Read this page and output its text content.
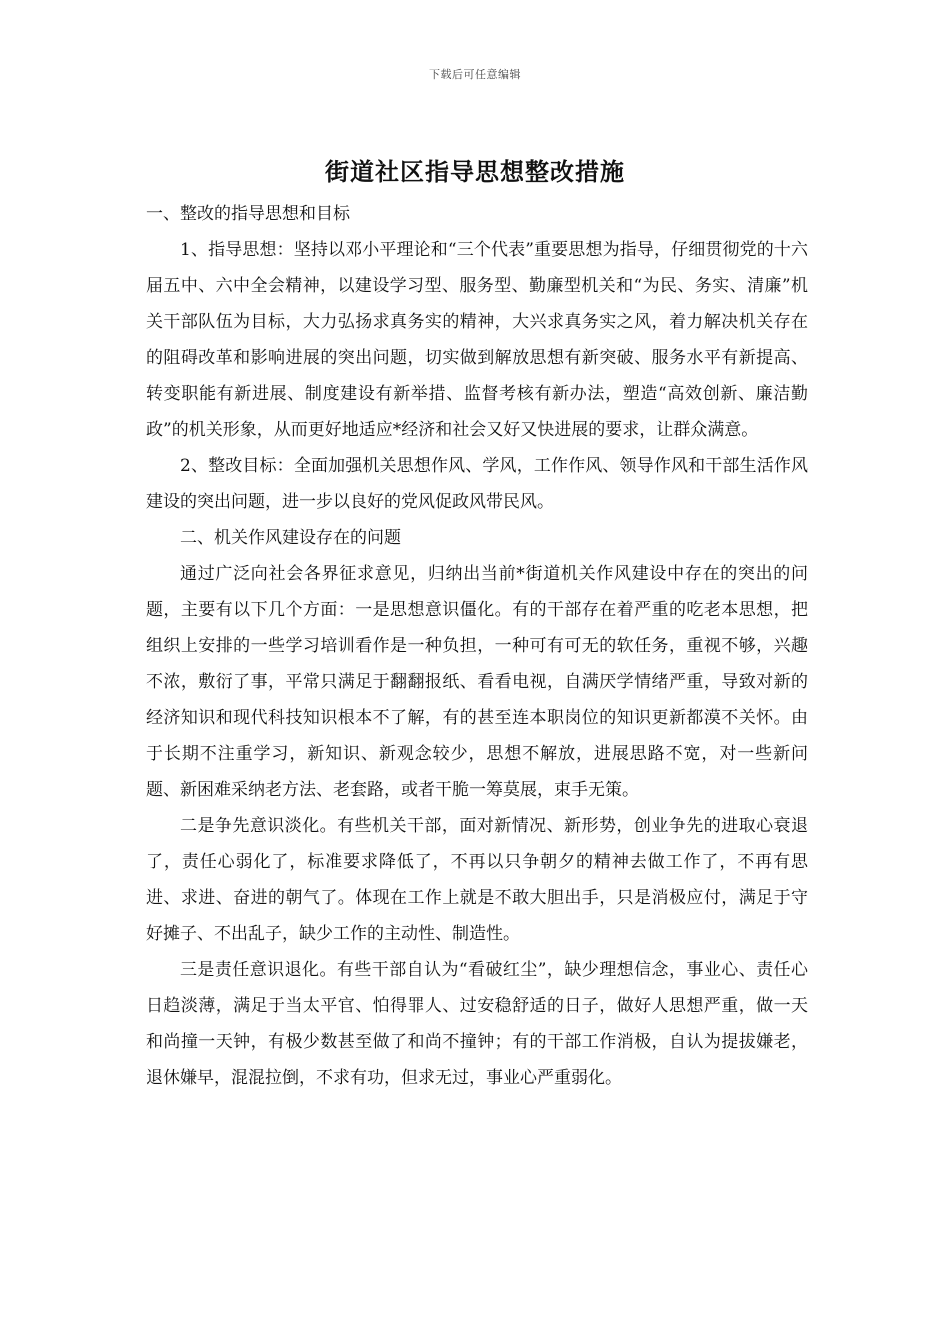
下载后可任意编辑
街道社区指导思想整改措施

一、整改的指导思想和目标

1、指导思想：坚持以邓小平理论和“三个代表”重要思想为指导，仔细贯彻党的十六届五中、六中全会精神，以建设学习型、服务型、勤廉型机关和“为民、务实、清廉”机关干部队伍为目标，大力弘扬求真务实的精神，大兴求真务实之风，着力解决机关存在的阻碍改革和影响进展的突出问题，切实做到解放思想有新突破、服务水平有新提高、转变职能有新进展、制度建设有新举措、监督考核有新办法，塑造“高效创新、廉洁勤政”的机关形象，从而更好地适应*经济和社会又好又快进展的要求，让群众满意。

2、整改目标：全面加强机关思想作风、学风，工作作风、领导作风和干部生活作风建设的突出问题，进一步以良好的党风促政风带民风。

二、机关作风建设存在的问题

通过广泛向社会各界征求意见，归纳出当前*街道机关作风建设中存在的突出的问题，主要有以下几个方面：一是思想意识僵化。有的干部存在着严重的吃老本思想，把组织上安排的一些学习培训看作是一种负担，一种可有可无的软任务，重视不够，兴趣不浓，敷衍了事，平常只满足于翻翻报纸、看看电视，自满厌学情绪严重，导致对新的经济知识和现代科技知识根本不了解，有的甚至连本职岗位的知识更新都漠不关怀。由于长期不注重学习，新知识、新观念较少，思想不解放，进展思路不宽，对一些新问题、新困难采纳老方法、老套路，或者干脆一筹莫展，束手无策。

二是争先意识淡化。有些机关干部，面对新情况、新形势，创业争先的进取心衰退了，责任心弱化了，标准要求降低了，不再以只争朝夕的精神去做工作了，不再有思进、求进、奋进的朝气了。体现在工作上就是不敢大胆出手，只是消极应付，满足于守好摊子、不出乱子，缺少工作的主动性、制造性。

三是责任意识退化。有些干部自认为“看破红尘”，缺少理想信念，事业心、责任心日趋淡薄，满足于当太平官、怕得罪人、过安稳舒适的日子，做好人思想严重，做一天和尚撞一天钟，有极少数甚至做了和尚不撞钟；有的干部工作消极，自认为提拔嫌老，退休嫌早，混混拉倒，不求有功，但求无过，事业心严重弱化。
